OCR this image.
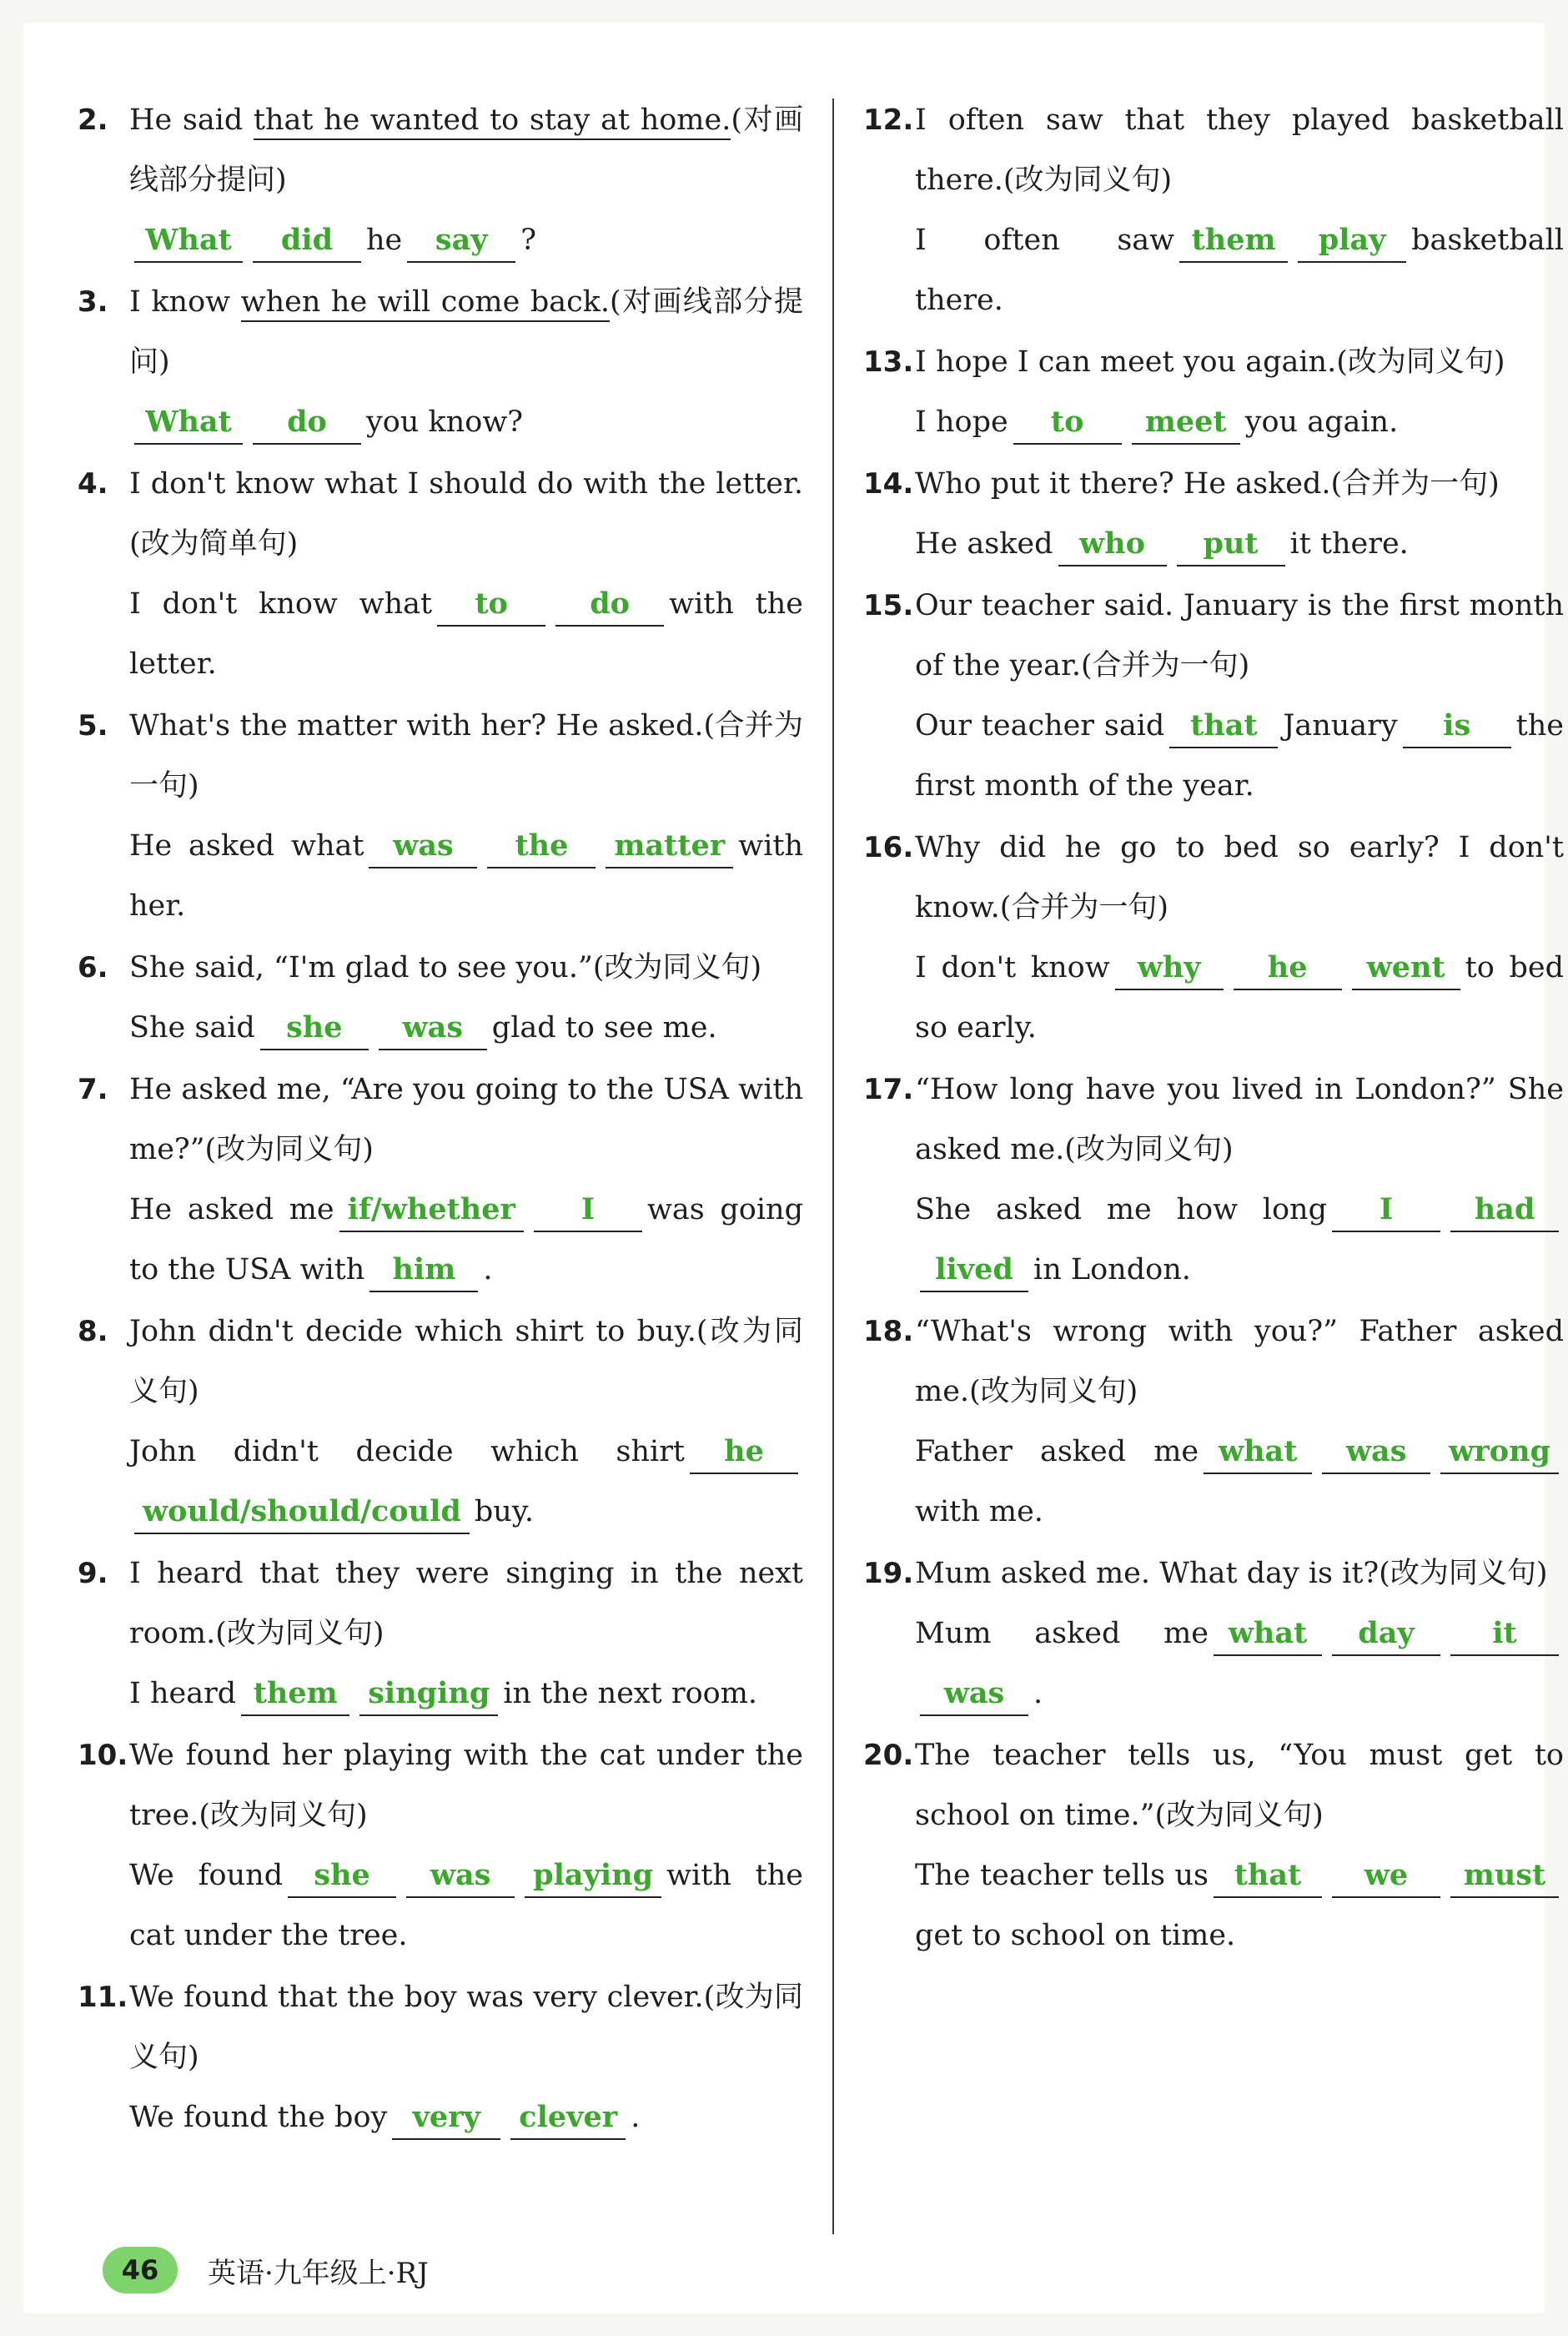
2. He said that he wanted to stay at home.(对画线部分提问)
What did he say ?
3. I know when he will come back.(对画线部分提问)
What do you know?
4. I don't know what I should do with the letter.(改为简单句)
I don't know what to	do with the letter.
5. What's the matter with her? He asked.(合并为一句)
He asked what was the matter with her.
6. She said, “I'm glad to see you.”(改为同义句)
She said she was glad to see me.
7. He asked me, “Are you going to the USA with me?”(改为同义句)
He asked me if/whether I was going to the USA with him .
8. John didn't decide which shirt to buy.(改为同义句)
John didn't decide which shirt hewould/should/could buy.
9. I heard that they were singing in the next room.(改为同义句)
I heard them singing in the next room.
10. We found her playing with the cat under the tree.(改为同义句)
We found she was playing with the cat under the tree.
11. We found that the boy was very clever.(改为同义句)
We found the boy very clever .
12. I often saw that they played basketball there.(改为同义句)
I often saw them play basketball there.
13. I hope I can meet you again.(改为同义句)
I hope to meet you again.
14. Who put it there? He asked.(合并为一句)
He asked who put it there.
15. Our teacher said. January is the first month of the year.(合并为一句)
Our teacher said that January is the first month of the year.
16. Why did he go to bed so early? I don't know.(合并为一句)
I don't know why he went to bed so early.
17. “How long have you lived in London?” She asked me.(改为同义句)
She asked me how long I	hadlived in London.
18. “What's wrong with you?” Father asked me.(改为同义句)
Father asked me what was wrongwith me.
19. Mum asked me. What day is it?(改为同义句)
Mum asked me what day	itwas .
20. The teacher tells us, “You must get to school on time.”(改为同义句)
The teacher tells us that we mustget to school on time.
46	英语·九年级上·RJ
